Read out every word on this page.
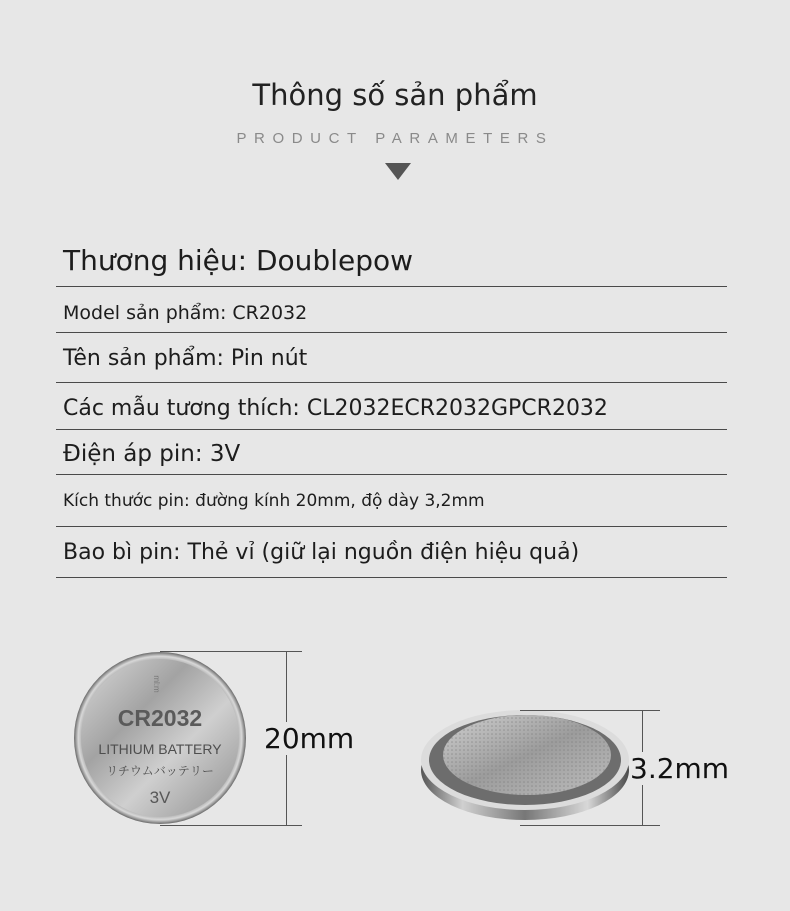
Thông số sản phẩm
PRODUCT PARAMETERS
Thương hiệu: Doublepow
Model sản phẩm: CR2032
Tên sản phẩm: Pin nút
Các mẫu tương thích: CL2032ECR2032GPCR2032
Điện áp pin: 3V
Kích thước pin: đường kính 20mm, độ dày 3,2mm
Bao bì pin: Thẻ vỉ (giữ lại nguồn điện hiệu quả)
CR2032
LITHIUM BATTERY
リチウムバッテリー
3V
ml:m
20mm
3.2mm
